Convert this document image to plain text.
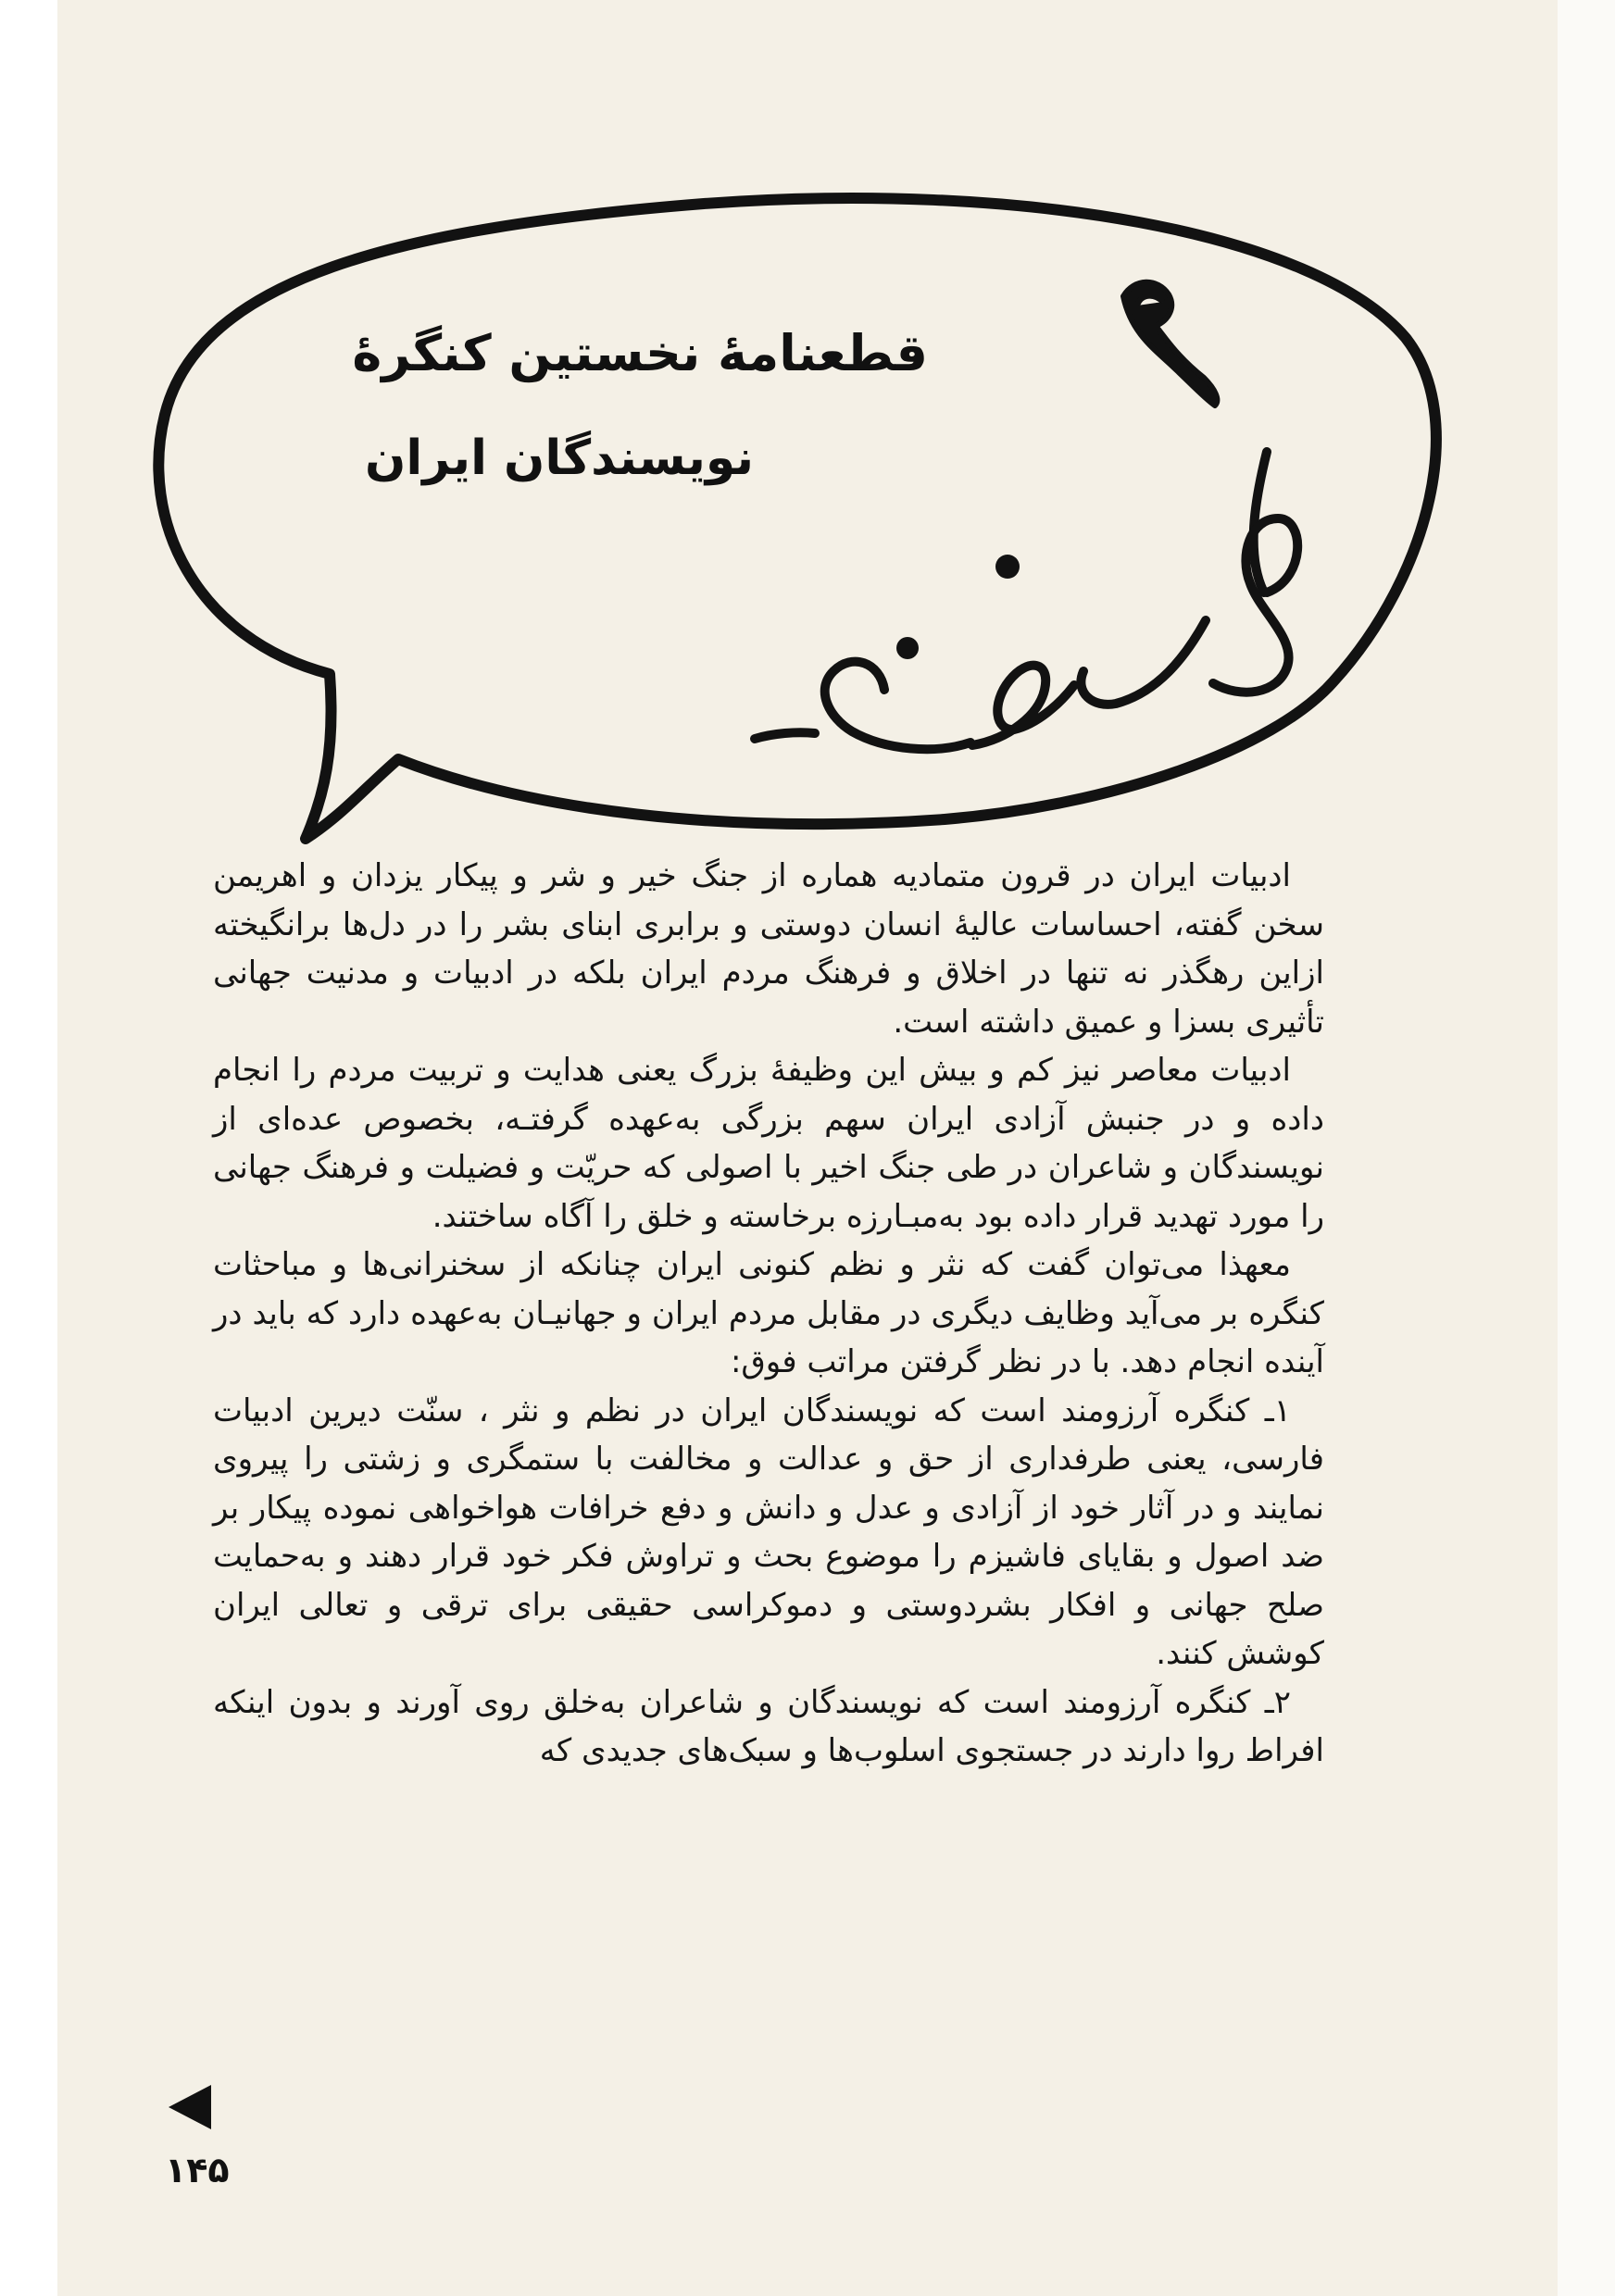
قطعنامهٔ نخستین کنگرهٔ
نویسندگان ایران

ادبیات ایران در قرون متمادیه هماره از جنگ خیر و شر و پیکار یزدان و اهریمن سخن گفته، احساسات عالیهٔ انسان دوستی و برابری ابنای بشر را در دل‌ها برانگیخته ازاین رهگذر نه تنها در اخلاق و فرهنگ مردم ایران بلکه در ادبیات و مدنیت جهانی تأثیری بسزا و عمیق داشته است.

ادبیات معاصر نیز کم و بیش این وظیفهٔ بزرگ یعنی هدایت و تربیت مردم را انجام داده و در جنبش آزادی ایران سهم بزرگی به‌عهده گرفتـه، بخصوص عده‌ای از نویسندگان و شاعران در طی جنگ اخیر با اصولی که حریّت و فضیلت و فرهنگ جهانی را مورد تهدید قرار داده بود به‌مبـارزه برخاسته و خلق را آگاه ساختند.

معهذا می‌توان گفت که نثر و نظم کنونی ایران چنانکه از سخنرانی‌ها و مباحثات کنگره بر می‌آید وظایف دیگری در مقابل مردم ایران و جهانیـان به‌عهده دارد که باید در آینده انجام دهد. با در نظر گرفتن مراتب فوق:

۱ـ کنگره آرزومند است که نویسندگان ایران در نظم و نثر ، سنّت دیرین ادبیات فارسی، یعنی طرفداری از حق و عدالت و مخالفت با ستمگری و زشتی را پیروی نمایند و در آثار خود از آزادی و عدل و دانش و دفع خرافات هواخواهی نموده پیکار بر ضد اصول و بقایای فاشیزم را موضوع بحث و تراوش فکر خود قرار دهند و به‌حمایت صلح جهانی و افکار بشردوستی و دموکراسی حقیقی برای ترقی و تعالی ایران کوشش کنند.

۲ـ کنگره آرزومند است که نویسندگان و شاعران به‌خلق روی آورند و بدون اینکه افراط روا دارند در جستجوی اسلوب‌ها و سبک‌های جدیدی که

۱۴۵
